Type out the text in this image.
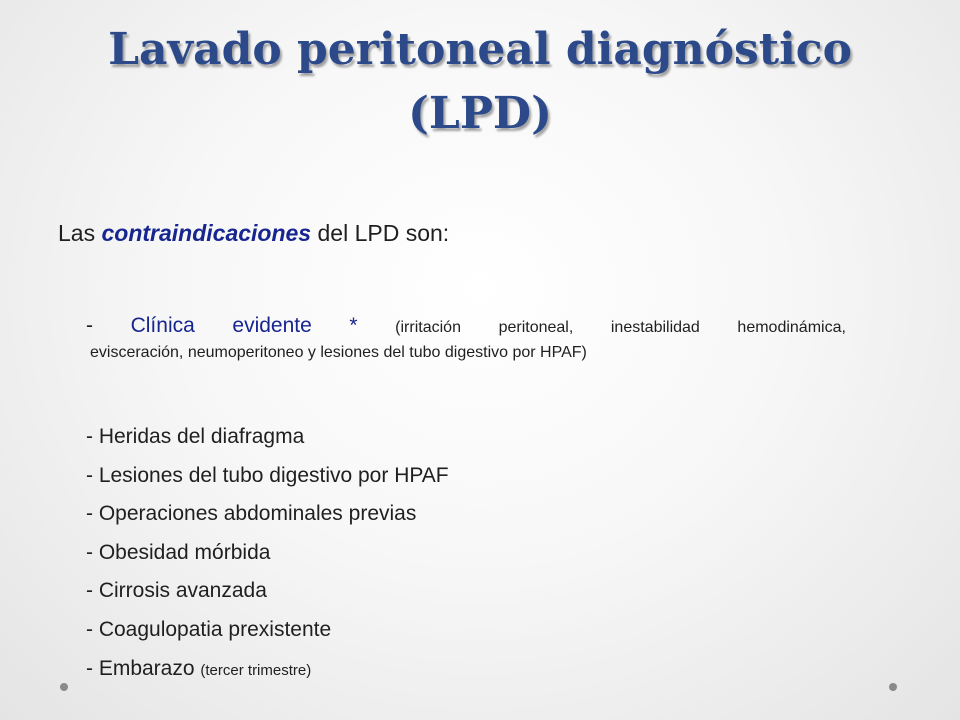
Lavado peritoneal diagnóstico
(LPD)

Las contraindicaciones del LPD son:

- Clínica evidente * (irritación peritoneal, inestabilidad hemodinámica,
evisceración, neumoperitoneo y lesiones del tubo digestivo por HPAF)
- Heridas del diafragma
- Lesiones del tubo digestivo por HPAF
- Operaciones abdominales previas
- Obesidad mórbida
- Cirrosis avanzada
- Coagulopatia prexistente
- Embarazo (tercer trimestre)
